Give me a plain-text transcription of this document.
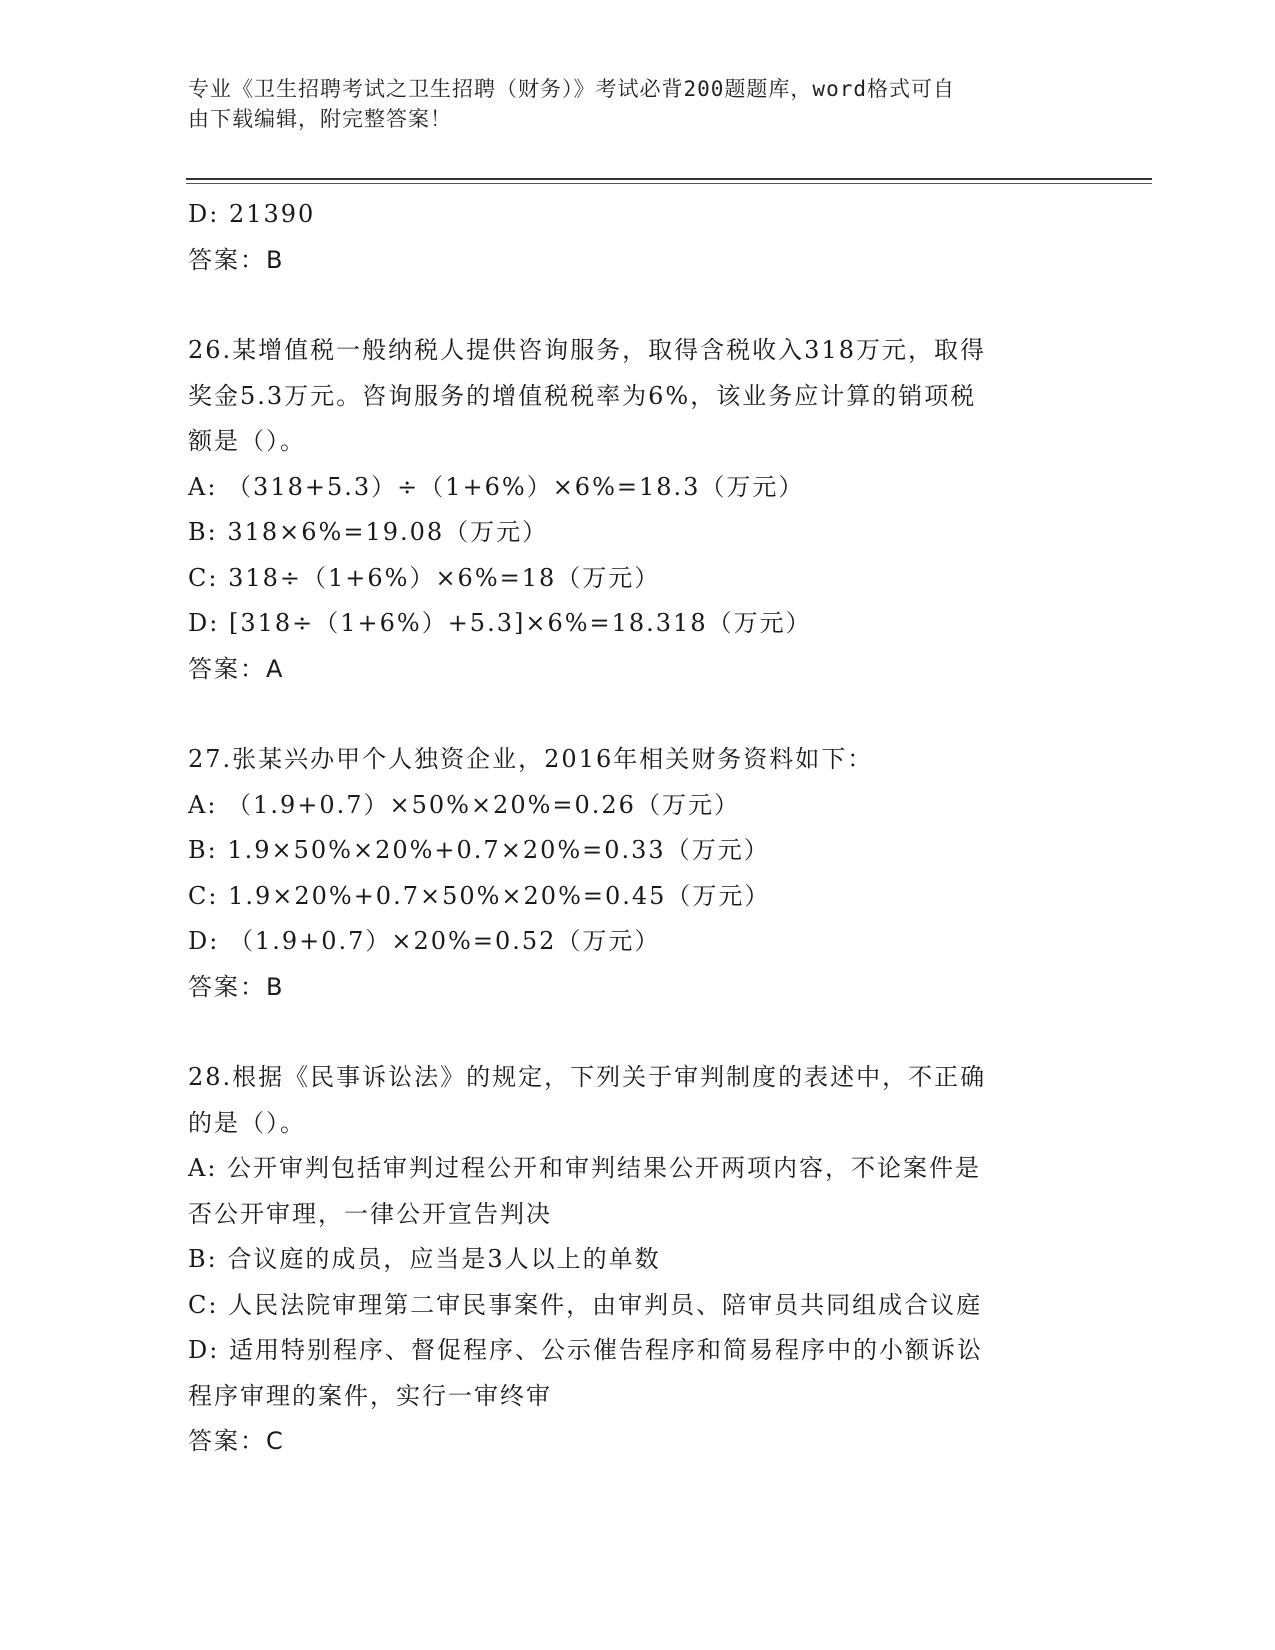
专业《卫生招聘考试之卫生招聘（财务）》考试必背200题题库，word格式可自
由下载编辑，附完整答案！
D: 21390
答案：B
26.某增值税一般纳税人提供咨询服务，取得含税收入318万元，取得
奖金5.3万元。咨询服务的增值税税率为6%，该业务应计算的销项税
额是（）。
A: （318+5.3）÷（1+6%）×6%=18.3（万元）
B: 318×6%=19.08（万元）
C: 318÷（1+6%）×6%=18（万元）
D: [318÷（1+6%）+5.3]×6%=18.318（万元）
答案：A
27.张某兴办甲个人独资企业，2016年相关财务资料如下：
A: （1.9+0.7）×50%×20%=0.26（万元）
B: 1.9×50%×20%+0.7×20%=0.33（万元）
C: 1.9×20%+0.7×50%×20%=0.45（万元）
D: （1.9+0.7）×20%=0.52（万元）
答案：B
28.根据《民事诉讼法》的规定，下列关于审判制度的表述中，不正确
的是（）。
A: 公开审判包括审判过程公开和审判结果公开两项内容，不论案件是
否公开审理，一律公开宣告判决
B: 合议庭的成员，应当是3人以上的单数
C: 人民法院审理第二审民事案件，由审判员、陪审员共同组成合议庭
D: 适用特别程序、督促程序、公示催告程序和简易程序中的小额诉讼
程序审理的案件，实行一审终审
答案：C
